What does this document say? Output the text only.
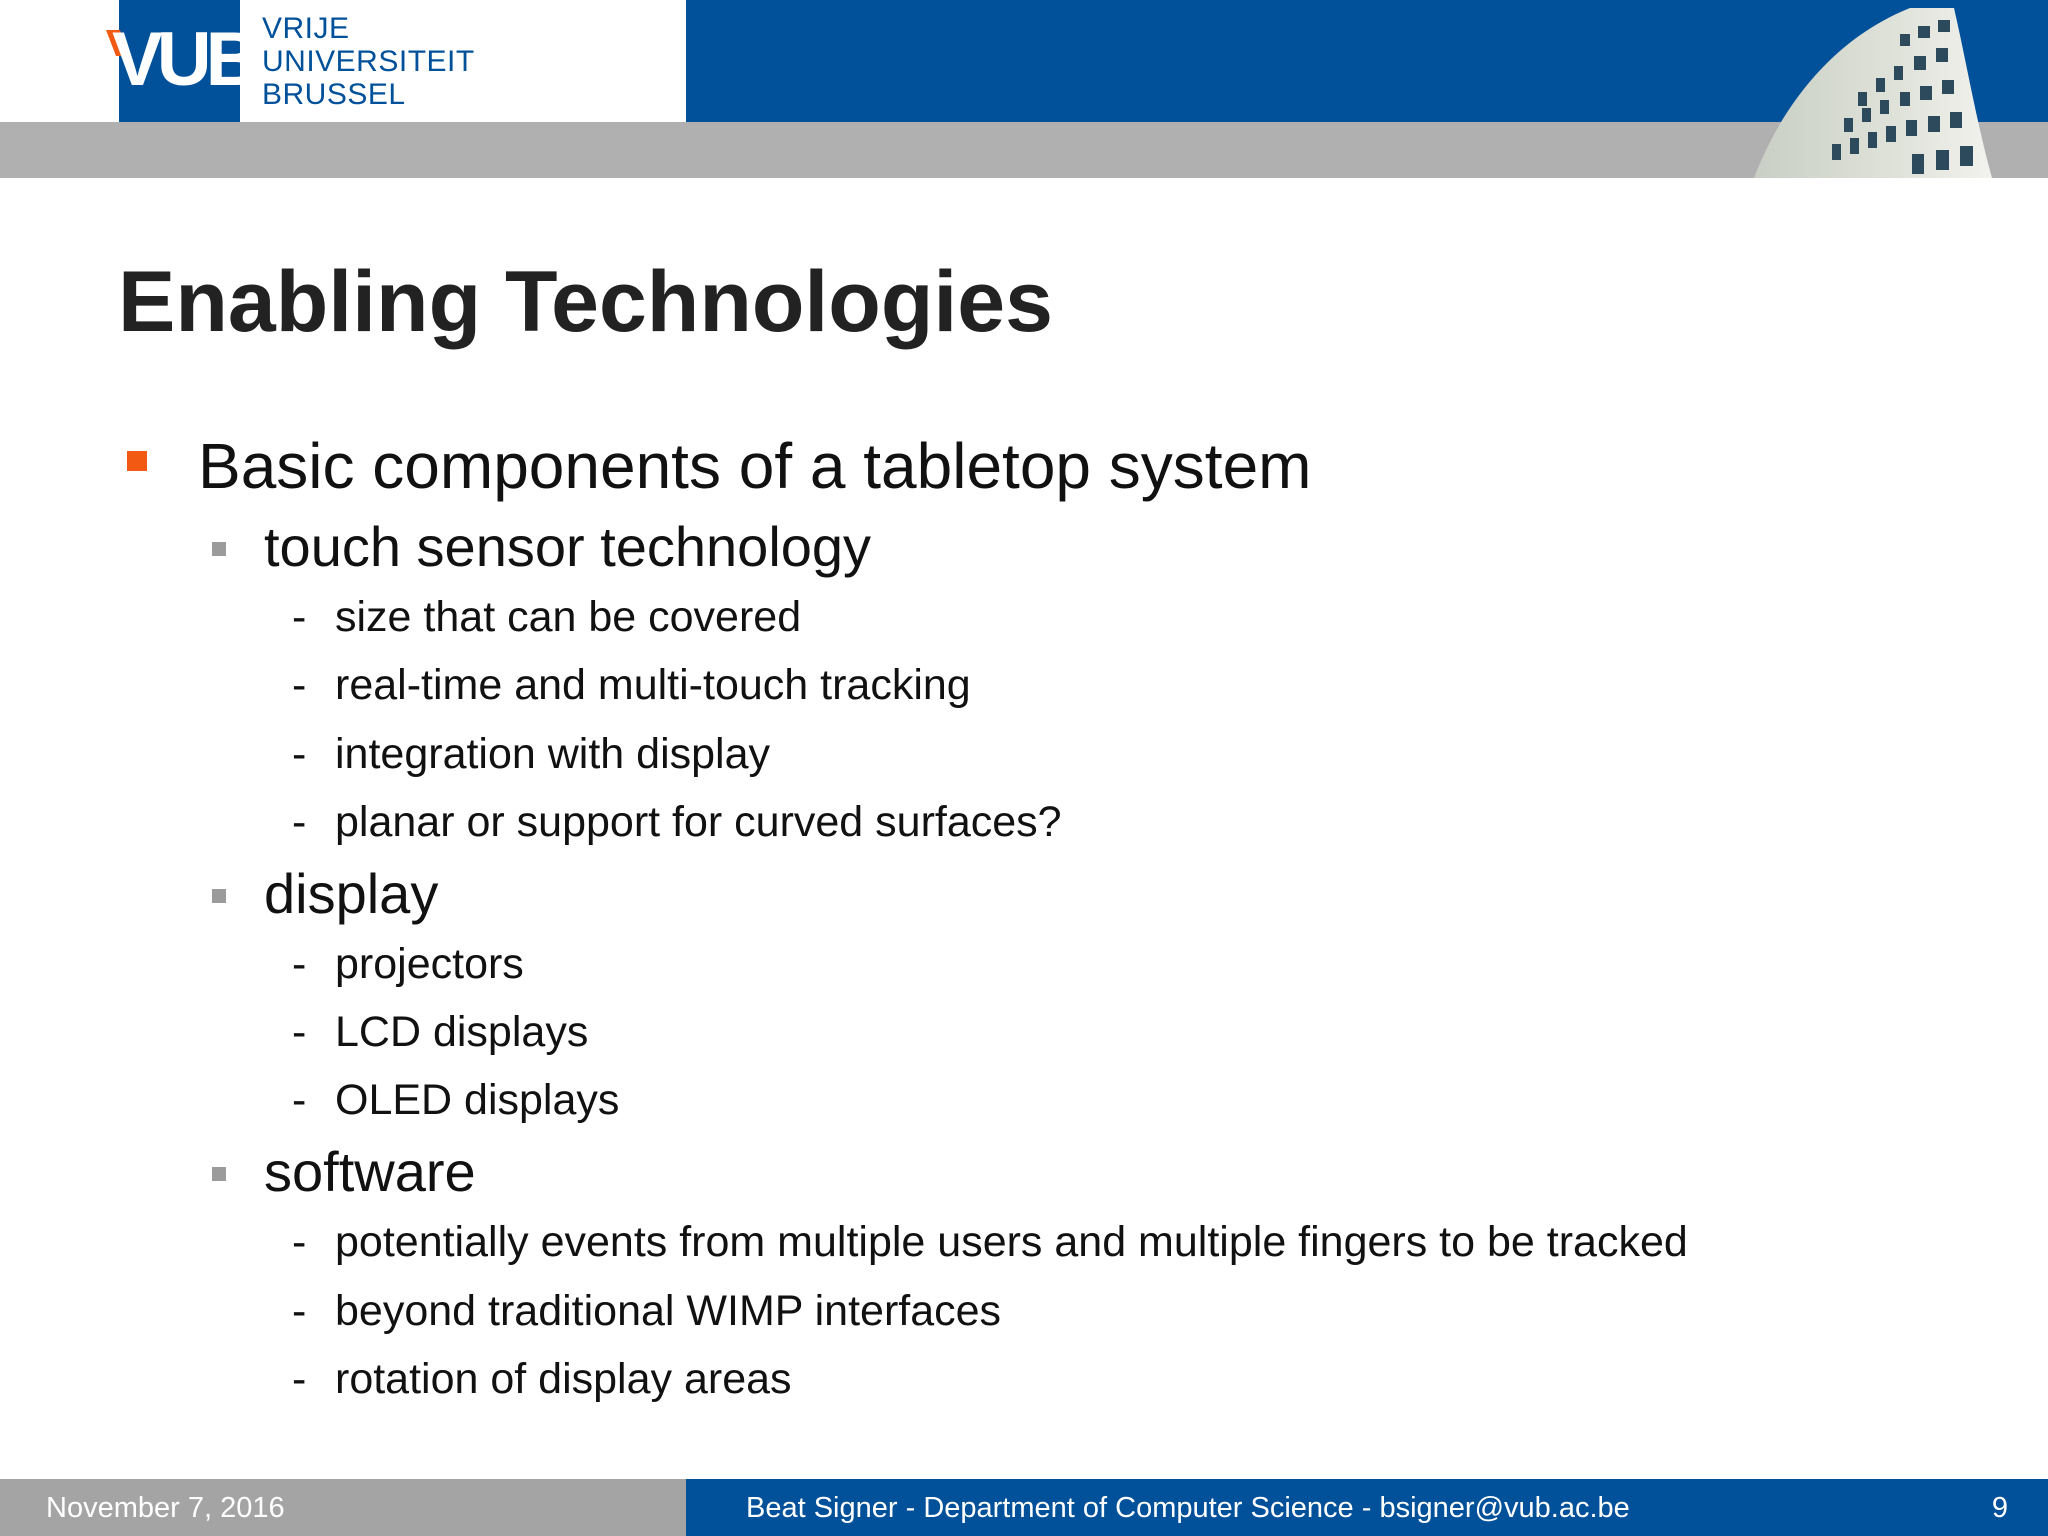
VUB VRIJE
UNIVERSITEIT
BRUSSEL
Enabling Technologies
Basic components of a tabletop system
touch sensor technology
- size that can be covered
- real-time and multi-touch tracking
- integration with display
- planar or support for curved surfaces?
display
- projectors
- LCD displays
- OLED displays
software
- potentially events from multiple users and multiple fingers to be tracked
- beyond traditional WIMP interfaces
- rotation of display areas
November 7, 2016	Beat Signer - Department of Computer Science - bsigner@vub.ac.be	9
